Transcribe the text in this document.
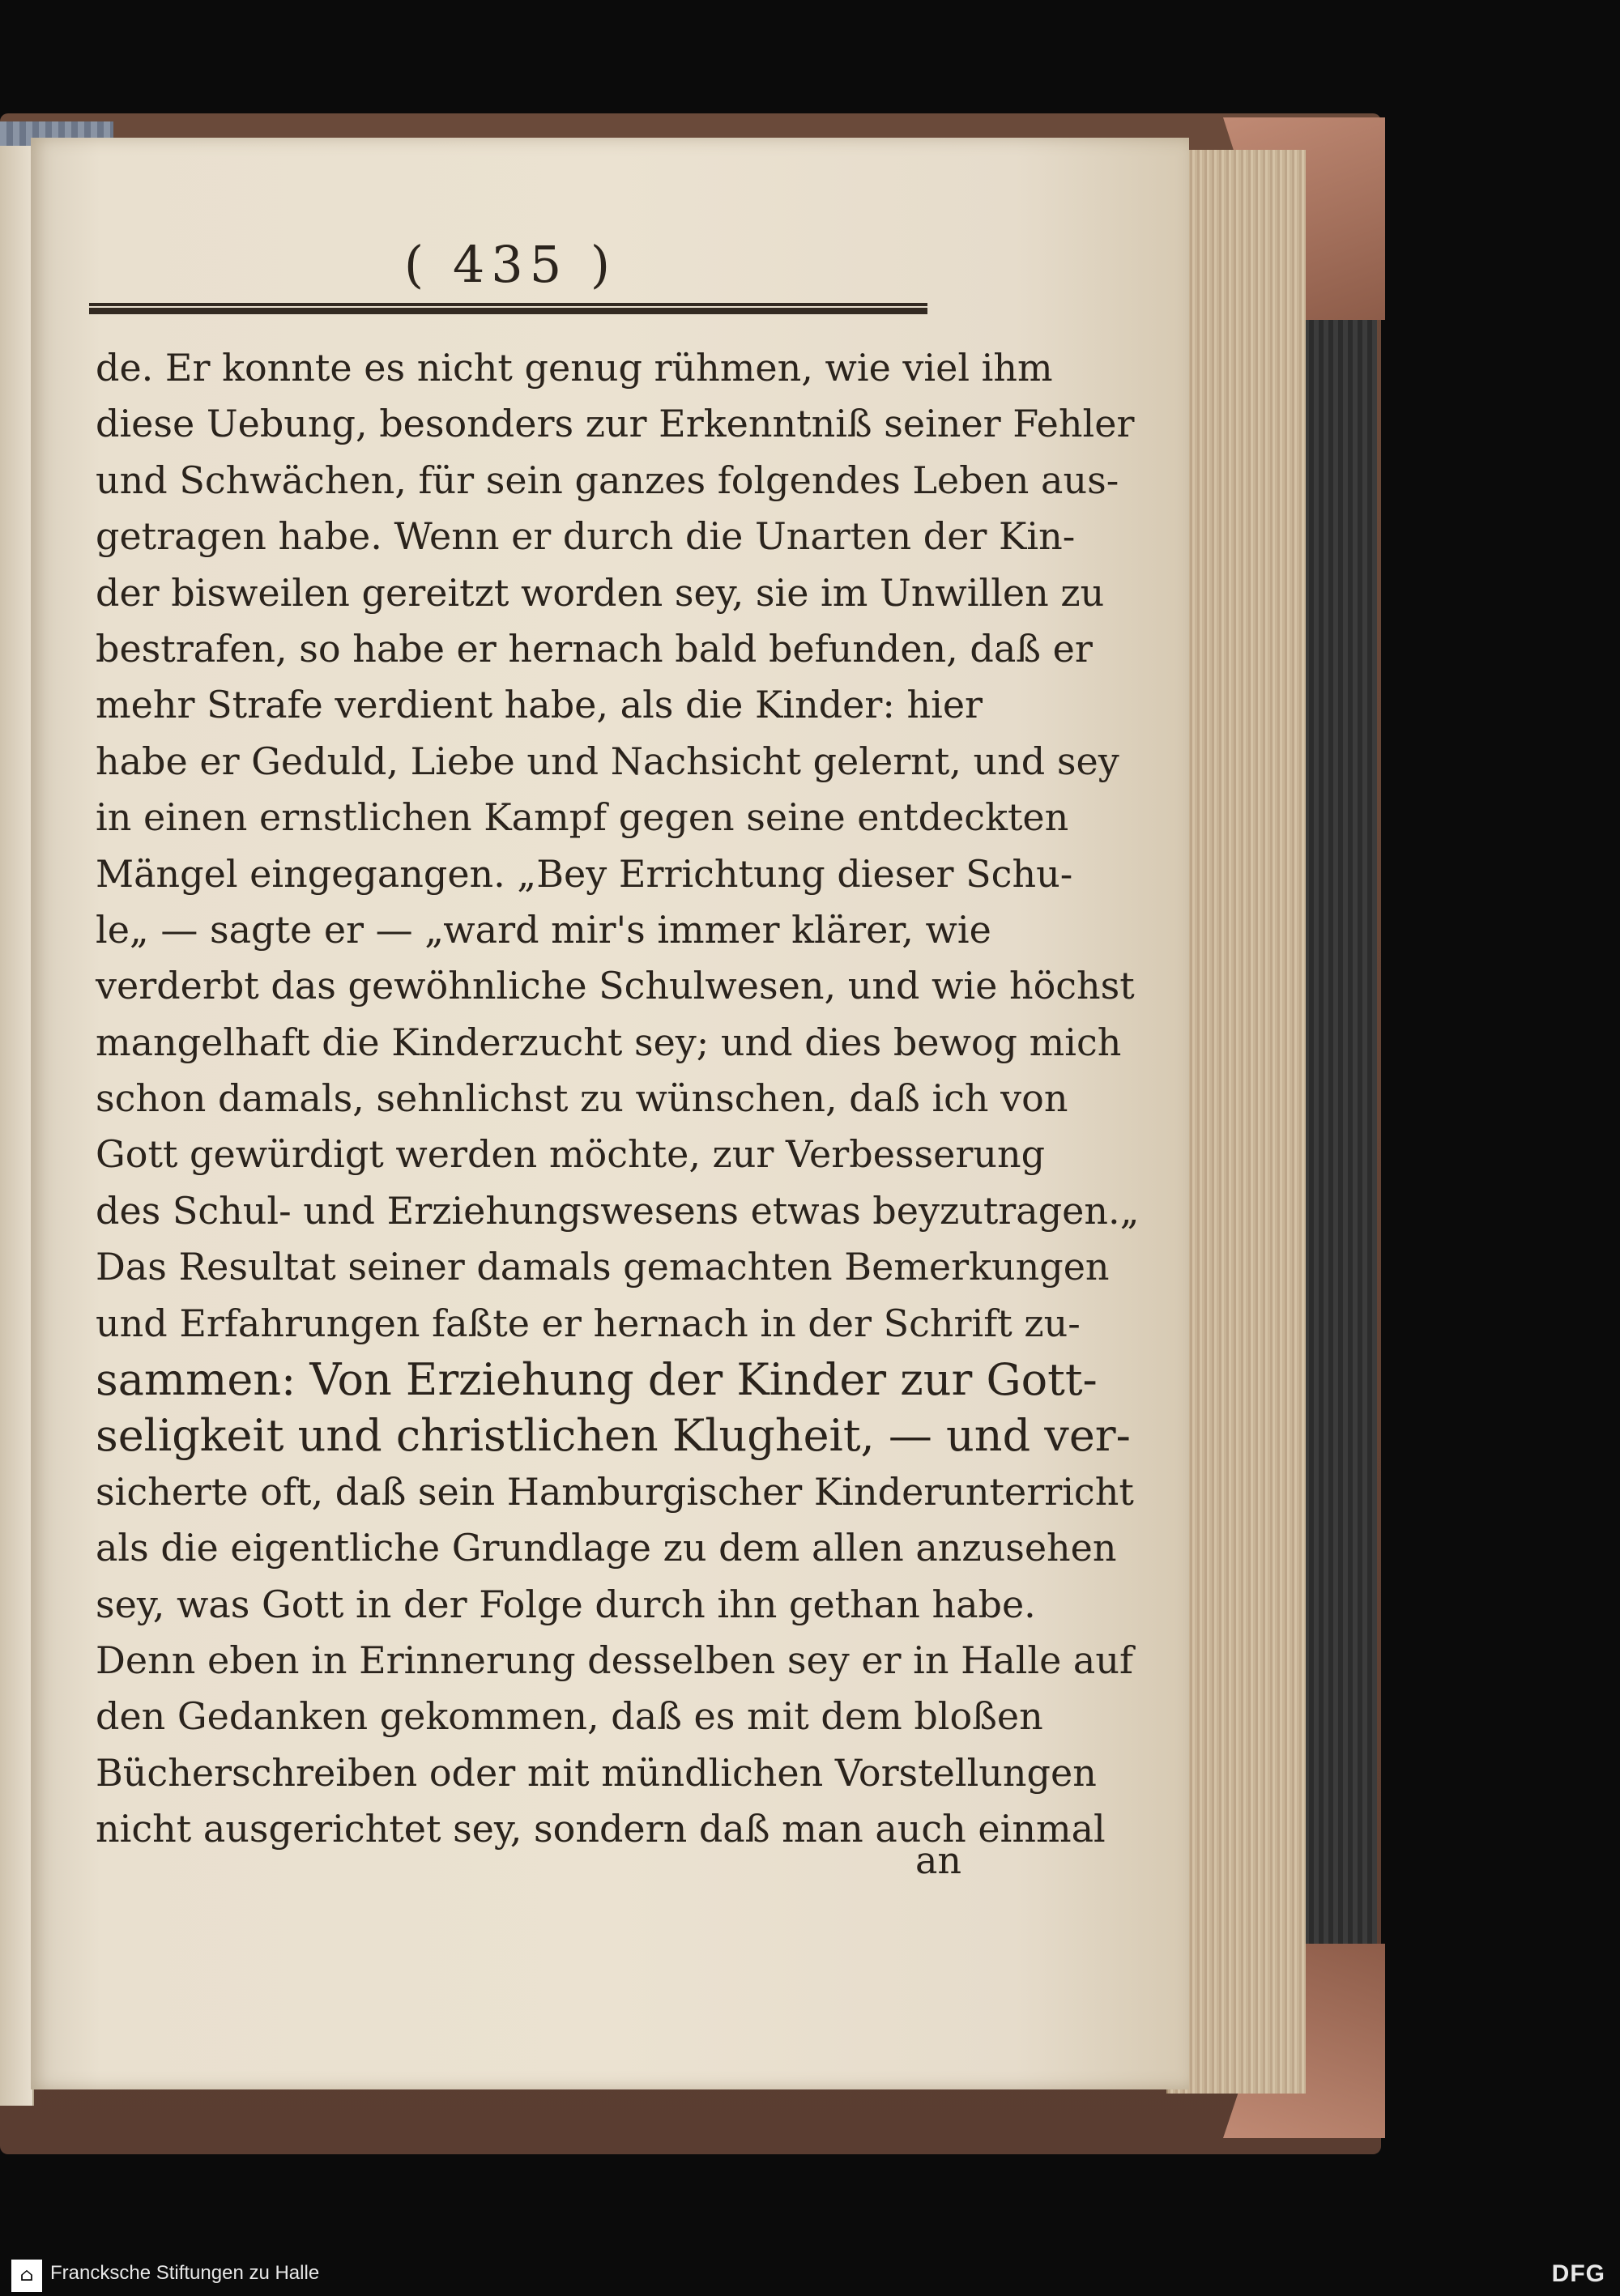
( 435 )
de. Er konnte es nicht genug rühmen, wie viel ihm
diese Uebung, besonders zur Erkenntniß seiner Fehler
und Schwächen, für sein ganzes folgendes Leben aus-
getragen habe. Wenn er durch die Unarten der Kin-
der bisweilen gereitzt worden sey, sie im Unwillen zu
bestrafen, so habe er hernach bald befunden, daß er
mehr Strafe verdient habe, als die Kinder: hier
habe er Geduld, Liebe und Nachsicht gelernt, und sey
in einen ernstlichen Kampf gegen seine entdeckten
Mängel eingegangen. „Bey Errichtung dieser Schu-
le„ — sagte er — „ward mir's immer klärer, wie
verderbt das gewöhnliche Schulwesen, und wie höchst
mangelhaft die Kinderzucht sey; und dies bewog mich
schon damals, sehnlichst zu wünschen, daß ich von
Gott gewürdigt werden möchte, zur Verbesserung
des Schul- und Erziehungswesens etwas beyzutragen.„
Das Resultat seiner damals gemachten Bemerkungen
und Erfahrungen faßte er hernach in der Schrift zu-
sammen: Von Erziehung der Kinder zur Gott-
seligkeit und christlichen Klugheit, — und ver-
sicherte oft, daß sein Hamburgischer Kinderunterricht
als die eigentliche Grundlage zu dem allen anzusehen
sey, was Gott in der Folge durch ihn gethan habe.
Denn eben in Erinnerung desselben sey er in Halle auf
den Gedanken gekommen, daß es mit dem bloßen
Bücherschreiben oder mit mündlichen Vorstellungen
nicht ausgerichtet sey, sondern daß man auch einmal
an
⌂ Francksche Stiftungen zu Halle	DFG
